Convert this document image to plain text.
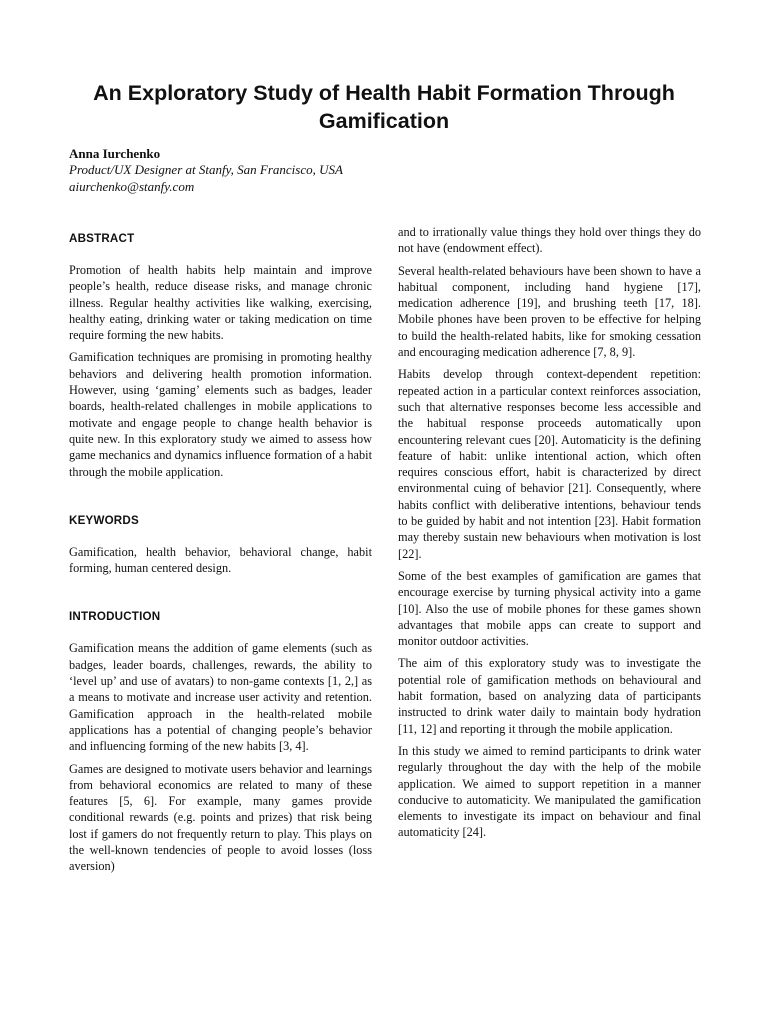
An Exploratory Study of Health Habit Formation Through Gamification
Anna Iurchenko
Product/UX Designer at Stanfy, San Francisco, USA
aiurchenko@stanfy.com
ABSTRACT

Promotion of health habits help maintain and improve people’s health, reduce disease risks, and manage chronic illness. Regular healthy activities like walking, exercising, healthy eating, drinking water or taking medication on time require forming the new habits.

Gamification techniques are promising in promoting healthy behaviors and delivering health promotion information. However, using ‘gaming’ elements such as badges, leader boards, health-related challenges in mobile applications to motivate and engage people to change health behavior is quite new. In this exploratory study we aimed to assess how game mechanics and dynamics influence formation of a habit through the mobile application.

KEYWORDS

Gamification, health behavior, behavioral change, habit forming, human centered design.

INTRODUCTION

Gamification means the addition of game elements (such as badges, leader boards, challenges, rewards, the ability to ‘level up’ and use of avatars) to non-game contexts [1, 2,] as a means to motivate and increase user activity and retention. Gamification approach in the health-related mobile applications has a potential of changing people’s behavior and influencing forming of the new habits [3, 4].

Games are designed to motivate users behavior and learnings from behavioral economics are related to many of these features [5, 6]. For example, many games provide conditional rewards (e.g. points and prizes) that risk being lost if gamers do not frequently return to play. This plays on the well-known tendencies of people to avoid losses (loss aversion)

and to irrationally value things they hold over things they do not have (endowment effect).

Several health-related behaviours have been shown to have a habitual component, including hand hygiene [17], medication adherence [19], and brushing teeth [17, 18]. Mobile phones have been proven to be effective for helping to build the health-related habits, like for smoking cessation and encouraging medication adherence [7, 8, 9].

Habits develop through context-dependent repetition: repeated action in a particular context reinforces association, such that alternative responses become less accessible and the habitual response proceeds automatically upon encountering relevant cues [20]. Automaticity is the defining feature of habit: unlike intentional action, which often requires conscious effort, habit is characterized by direct environmental cuing of behavior [21]. Consequently, where habits conflict with deliberative intentions, behaviour tends to be guided by habit and not intention [23]. Habit formation may thereby sustain new behaviours when motivation is lost [22].

Some of the best examples of gamification are games that encourage exercise by turning physical activity into a game [10]. Also the use of mobile phones for these games shown advantages that mobile apps can create to support and monitor outdoor activities.

The aim of this exploratory study was to investigate the potential role of gamification methods on behavioural and habit formation, based on analyzing data of participants instructed to drink water daily to maintain body hydration [11, 12] and reporting it through the mobile application.

In this study we aimed to remind participants to drink water regularly throughout the day with the help of the mobile application. We aimed to support repetition in a manner conducive to automaticity. We manipulated the gamification elements to investigate its impact on behaviour and final automaticity [24].
